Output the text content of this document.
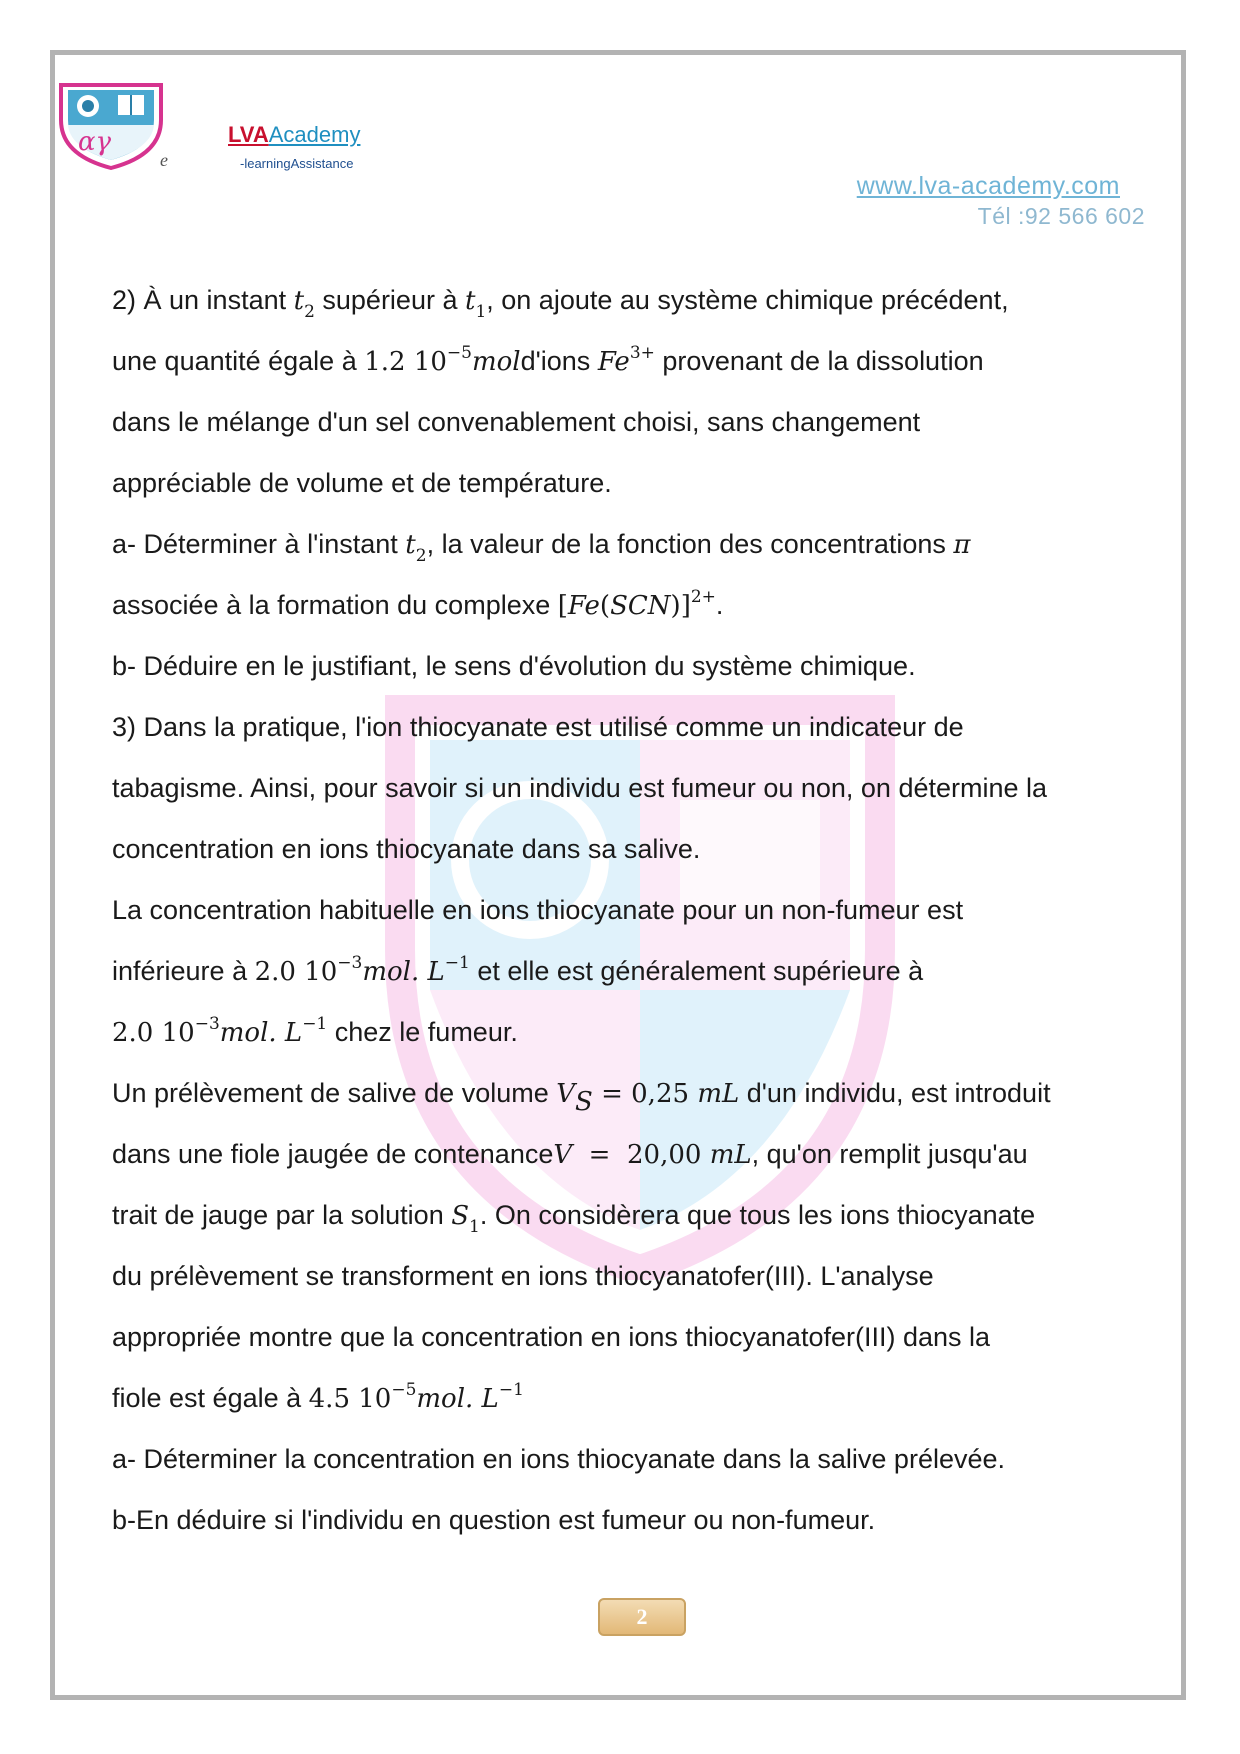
αγ	LVAAcademy
-learningAssistance
e
www.lva-academy.com
Tél :92 566 602
2) À un instant $t_2$ supérieur à $t_1$, on ajoute au système chimique précédent,
une quantité égale à 1.2 $10^{-5}mold'ions$ $Fe^{3+}$ provenant de la dissolution
dans le mélange d'un sel convenablement choisi, sans changement
appréciable de volume et de température.
a- Déterminer à l'instant $t_2$, la valeur de la fonction des concentrations π
associée à la formation du complexe $[Fe(SCN)]^{2+}$.
b- Déduire en le justifiant, le sens d'évolution du système chimique.
3) Dans la pratique, l'ion thiocyanate est utilisé comme un indicateur de
tabagisme. Ainsi, pour savoir si un individu est fumeur ou non, on détermine la
concentration en ions thiocyanate dans sa salive.
La concentration habituelle en ions thiocyanate pour un non-fumeur est
inférieure à 2.0 $10^{-3}mol$. $L^{-1}$ et elle est généralement supérieure à
2.0 $10^{-3}mol$. $L^{-1}$ chez le fumeur.
Un prélèvement de salive de volume $V_S = 0,25$ mL d'un individu, est introduit
dans une fiole jaugée de contenanceV  =  20,00 mL, qu'on remplit jusqu'au
trait de jauge par la solution $S_1$. On considèrera que tous les ions thiocyanate
du prélèvement se transforment en ions thiocyanatofer(III). L'analyse
appropriée montre que la concentration en ions thiocyanatofer(III) dans la
fiole est égale à 4.5 $10^{-5}mol$. $L^{-1}$
a- Déterminer la concentration en ions thiocyanate dans la salive prélevée.
b-En déduire si l'individu en question est fumeur ou non-fumeur.
2
